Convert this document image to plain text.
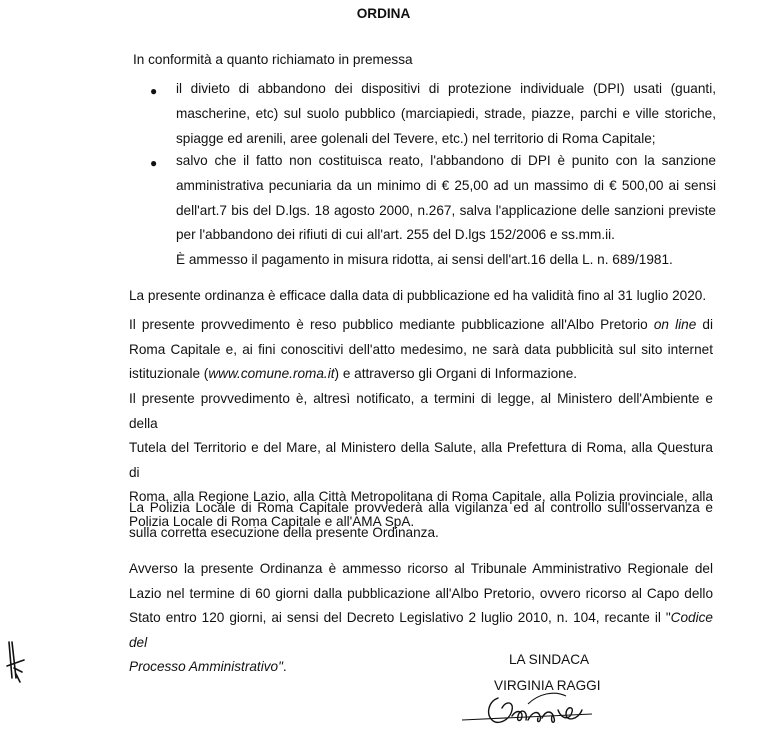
ORDINA
In conformità a quanto richiamato in premessa
● il divieto di abbandono dei dispositivi di protezione individuale (DPI) usati (guanti,
mascherine, etc) sul suolo pubblico (marciapiedi, strade, piazze, parchi e ville storiche,
spiagge ed arenili, aree golenali del Tevere, etc.) nel territorio di Roma Capitale;
● salvo che il fatto non costituisca reato, l'abbandono di DPI è punito con la sanzione
amministrativa pecuniaria da un minimo di € 25,00 ad un massimo di € 500,00 ai sensi
dell'art.7 bis del D.lgs. 18 agosto 2000, n.267, salva l'applicazione delle sanzioni previste
per l'abbandono dei rifiuti di cui all'art. 255 del D.lgs 152/2006 e ss.mm.ii.
È ammesso il pagamento in misura ridotta, ai sensi dell'art.16 della L. n. 689/1981.
La presente ordinanza è efficace dalla data di pubblicazione ed ha validità fino al 31 luglio 2020.
Il presente provvedimento è reso pubblico mediante pubblicazione all'Albo Pretorio on line di
Roma Capitale e, ai fini conoscitivi dell'atto medesimo, ne sarà data pubblicità sul sito internet
istituzionale (www.comune.roma.it) e attraverso gli Organi di Informazione.
Il presente provvedimento è, altresì notificato, a termini di legge, al Ministero dell'Ambiente e della
Tutela del Territorio e del Mare, al Ministero della Salute, alla Prefettura di Roma, alla Questura di
Roma, alla Regione Lazio, alla Città Metropolitana di Roma Capitale, alla Polizia provinciale, alla
Polizia Locale di Roma Capitale e all'AMA SpA.
La Polizia Locale di Roma Capitale provvederà alla vigilanza ed al controllo sull'osservanza e
sulla corretta esecuzione della presente Ordinanza.
Avverso la presente Ordinanza è ammesso ricorso al Tribunale Amministrativo Regionale del
Lazio nel termine di 60 giorni dalla pubblicazione all'Albo Pretorio, ovvero ricorso al Capo dello
Stato entro 120 giorni, ai sensi del Decreto Legislativo 2 luglio 2010, n. 104, recante il "Codice del
Processo Amministrativo".	LA SINDACA
VIRGINIA RAGGI
